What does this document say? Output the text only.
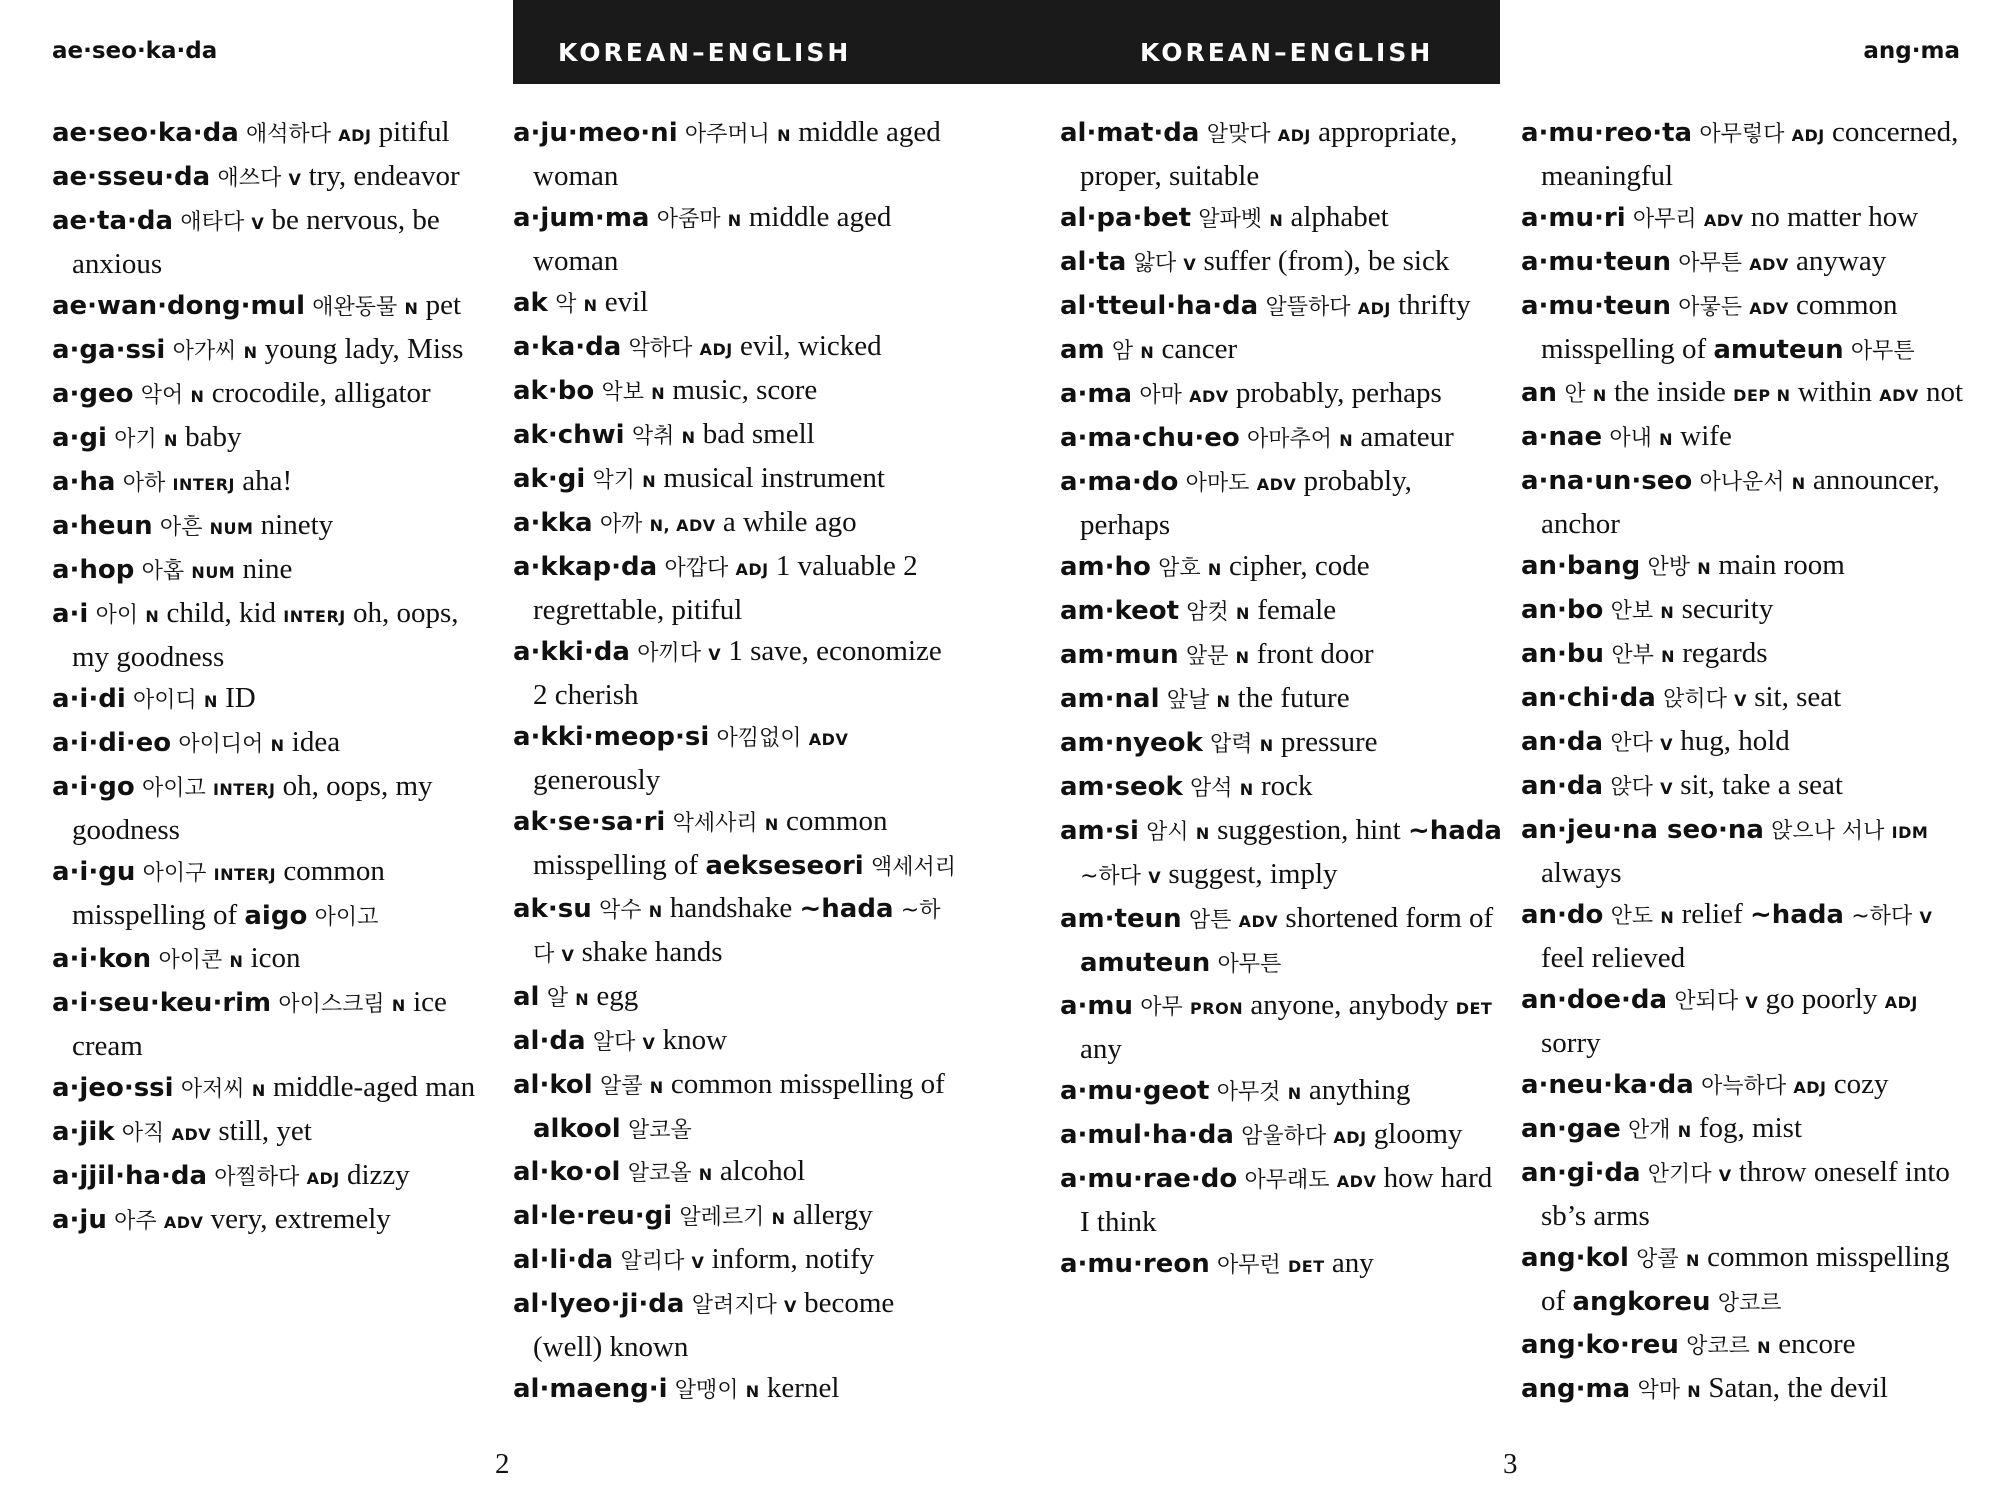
ae·seo·ka·da	KOREAN–ENGLISH	KOREAN–ENGLISH	ang·ma
ae·seo·ka·da 애석하다 ADJ pitiful
ae·sseu·da 애쓰다 V try, endeavor
ae·ta·da 애타다 V be nervous, be anxious
ae·wan·dong·mul 애완동물 N pet
a·ga·ssi 아가씨 N young lady, Miss
a·geo 악어 N crocodile, alligator
a·gi 아기 N baby
a·ha 아하 INTERJ aha!
a·heun 아흔 NUM ninety
a·hop 아홉 NUM nine
a·i 아이 N child, kid INTERJ oh, oops, my goodness
a·i·di 아이디 N ID
a·i·di·eo 아이디어 N idea
a·i·go 아이고 INTERJ oh, oops, my goodness
a·i·gu 아이구 INTERJ common misspelling of aigo 아이고
a·i·kon 아이콘 N icon
a·i·seu·keu·rim 아이스크림 N ice cream
a·jeo·ssi 아저씨 N middle-aged man
a·jik 아직 ADV still, yet
a·jjil·ha·da 아찔하다 ADJ dizzy
a·ju 아주 ADV very, extremely
a·ju·meo·ni 아주머니 N middle aged woman
a·jum·ma 아줌마 N middle aged woman
ak 악 N evil
a·ka·da 악하다 ADJ evil, wicked
ak·bo 악보 N music, score
ak·chwi 악취 N bad smell
ak·gi 악기 N musical instrument
a·kka 아까 N, ADV a while ago
a·kkap·da 아깝다 ADJ 1 valuable 2 regrettable, pitiful
a·kki·da 아끼다 V 1 save, economize 2 cherish
a·kki·meop·si 아낌없이 ADV generously
ak·se·sa·ri 악세사리 N common misspelling of aekseseori 액세서리
ak·su 악수 N handshake ~hada ~하다 V shake hands
al 알 N egg
al·da 알다 V know
al·kol 알콜 N common misspelling of alkool 알코올
al·ko·ol 알코올 N alcohol
al·le·reu·gi 알레르기 N allergy
al·li·da 알리다 V inform, notify
al·lyeo·ji·da 알려지다 V become (well) known
al·maeng·i 알맹이 N kernel
al·mat·da 알맞다 ADJ appropriate, proper, suitable
al·pa·bet 알파벳 N alphabet
al·ta 앓다 V suffer (from), be sick
al·tteul·ha·da 알뜰하다 ADJ thrifty
am 암 N cancer
a·ma 아마 ADV probably, perhaps
a·ma·chu·eo 아마추어 N amateur
a·ma·do 아마도 ADV probably, perhaps
am·ho 암호 N cipher, code
am·keot 암컷 N female
am·mun 앞문 N front door
am·nal 앞날 N the future
am·nyeok 압력 N pressure
am·seok 암석 N rock
am·si 암시 N suggestion, hint ~hada ~하다 V suggest, imply
am·teun 암튼 ADV shortened form of amuteun 아무튼
a·mu 아무 PRON anyone, anybody DET any
a·mu·geot 아무것 N anything
a·mul·ha·da 암울하다 ADJ gloomy
a·mu·rae·do 아무래도 ADV how hard I think
a·mu·reon 아무런 DET any
a·mu·reo·ta 아무렇다 ADJ concerned, meaningful
a·mu·ri 아무리 ADV no matter how
a·mu·teun 아무튼 ADV anyway
a·mu·teun 아뭏든 ADV common misspelling of amuteun 아무튼
an 안 N the inside DEP N within ADV not
a·nae 아내 N wife
a·na·un·seo 아나운서 N announcer, anchor
an·bang 안방 N main room
an·bo 안보 N security
an·bu 안부 N regards
an·chi·da 앉히다 V sit, seat
an·da 안다 V hug, hold
an·da 앉다 V sit, take a seat
an·jeu·na seo·na 앉으나 서나 IDM always
an·do 안도 N relief ~hada ~하다 V feel relieved
an·doe·da 안되다 V go poorly ADJ sorry
a·neu·ka·da 아늑하다 ADJ cozy
an·gae 안개 N fog, mist
an·gi·da 안기다 V throw oneself into sb’s arms
ang·kol 앙콜 N common misspelling of angkoreu 앙코르
ang·ko·reu 앙코르 N encore
ang·ma 악마 N Satan, the devil
2	3
